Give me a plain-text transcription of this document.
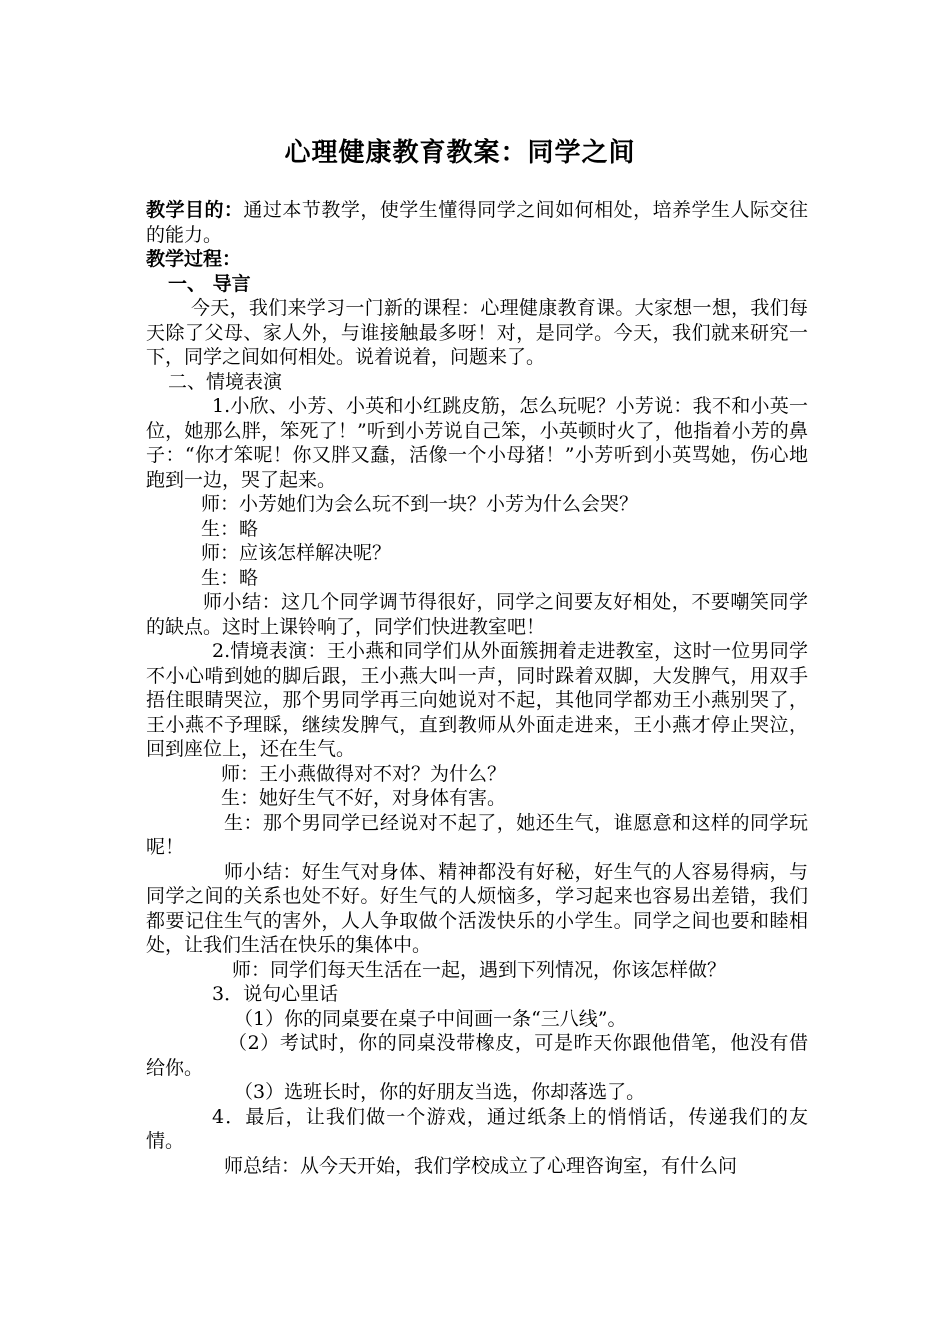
心理健康教育教案：同学之间

教学目的：通过本节教学，使学生懂得同学之间如何相处，培养学生人际交往的能力。

教学过程：

一、 导言

今天，我们来学习一门新的课程：心理健康教育课。大家想一想，我们每天除了父母、家人外，与谁接触最多呀！对，是同学。今天，我们就来研究一下，同学之间如何相处。说着说着，问题来了。

二、情境表演

1.小欣、小芳、小英和小红跳皮筋，怎么玩呢？小芳说：我不和小英一位，她那么胖，笨死了！”听到小芳说自己笨，小英顿时火了，他指着小芳的鼻子：“你才笨呢！你又胖又蠢，活像一个小母猪！”小芳听到小英骂她，伤心地跑到一边，哭了起来。

师：小芳她们为会么玩不到一块？小芳为什么会哭？

生：略

师：应该怎样解决呢？

生：略

师小结：这几个同学调节得很好，同学之间要友好相处，不要嘲笑同学的缺点。这时上课铃响了，同学们快进教室吧！

2.情境表演：王小燕和同学们从外面簇拥着走进教室，这时一位男同学不小心啃到她的脚后跟，王小燕大叫一声，同时跺着双脚，大发脾气，用双手捂住眼睛哭泣，那个男同学再三向她说对不起，其他同学都劝王小燕别哭了，王小燕不予理睬，继续发脾气，直到教师从外面走进来，王小燕才停止哭泣，回到座位上，还在生气。

师：王小燕做得对不对？为什么？

生：她好生气不好，对身体有害。

生：那个男同学已经说对不起了，她还生气，谁愿意和这样的同学玩呢！

师小结：好生气对身体、精神都没有好秘，好生气的人容易得病，与同学之间的关系也处不好。好生气的人烦恼多，学习起来也容易出差错，我们都要记住生气的害外，人人争取做个活泼快乐的小学生。同学之间也要和睦相处，让我们生活在快乐的集体中。

师：同学们每天生活在一起，遇到下列情况，你该怎样做？

3．说句心里话

（1）你的同桌要在桌子中间画一条“三八线”。

（2）考试时，你的同桌没带橡皮，可是昨天你跟他借笔，他没有借给你。

（3）选班长时，你的好朋友当选，你却落选了。

4．最后，让我们做一个游戏，通过纸条上的悄悄话，传递我们的友情。

师总结：从今天开始，我们学校成立了心理咨询室，有什么问
